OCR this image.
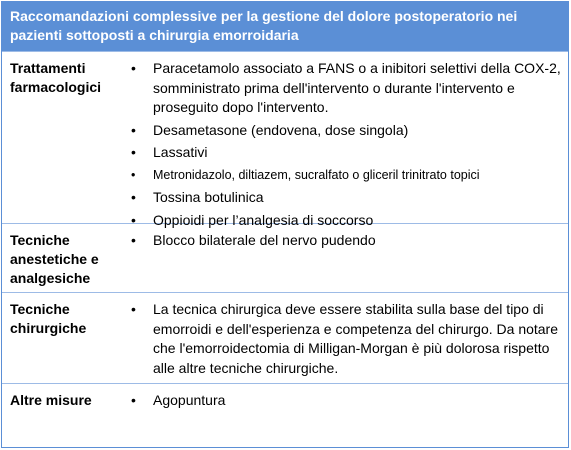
Raccomandazioni complessive per la gestione del dolore postoperatorio nei pazienti sottoposti a chirurgia emorroidaria
Trattamenti farmacologici
• Paracetamolo associato a FANS o a inibitori selettivi della COX-2, somministrato prima dell'intervento o durante l'intervento e proseguito dopo l'intervento.
• Desametasone (endovena, dose singola)
• Lassativi
• Metronidazolo, diltiazem, sucralfato o gliceril trinitrato topici
• Tossina botulinica
• Oppioidi per l’analgesia di soccorso
Tecniche anestetiche e analgesiche
• Blocco bilaterale del nervo pudendo
Tecniche chirurgiche
• La tecnica chirurgica deve essere stabilita sulla base del tipo di emorroidi e dell'esperienza e competenza del chirurgo. Da notare che l'emorroidectomia di Milligan-Morgan è più dolorosa rispetto alle altre tecniche chirurgiche.
Altre misure	• Agopuntura
